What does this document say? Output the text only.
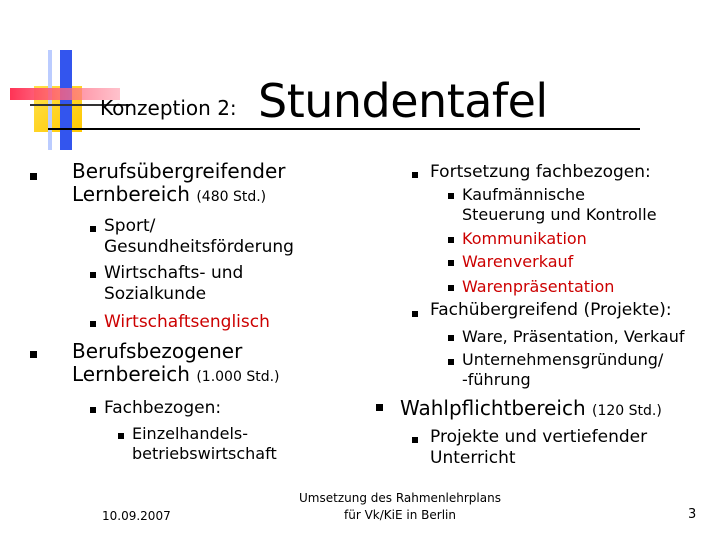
Konzeption 2: Stundentafel
Berufsübergreifender
Lernbereich (480 Std.)
Sport/
Gesundheitsförderung
Wirtschafts- und
Sozialkunde
Wirtschaftsenglisch
Berufsbezogener
Lernbereich (1.000 Std.)
Fachbezogen:
Einzelhandels-
betriebswirtschaft
Fortsetzung fachbezogen:
Kaufmännische
Steuerung und Kontrolle
Kommunikation
Warenverkauf
Warenpräsentation
Fachübergreifend (Projekte):
Ware, Präsentation, Verkauf
Unternehmensgründung/
-führung
Wahlpflichtbereich (120 Std.)
Projekte und vertiefender
Unterricht
10.09.2007
Umsetzung des Rahmenlehrplans
für Vk/KiE in Berlin	3
